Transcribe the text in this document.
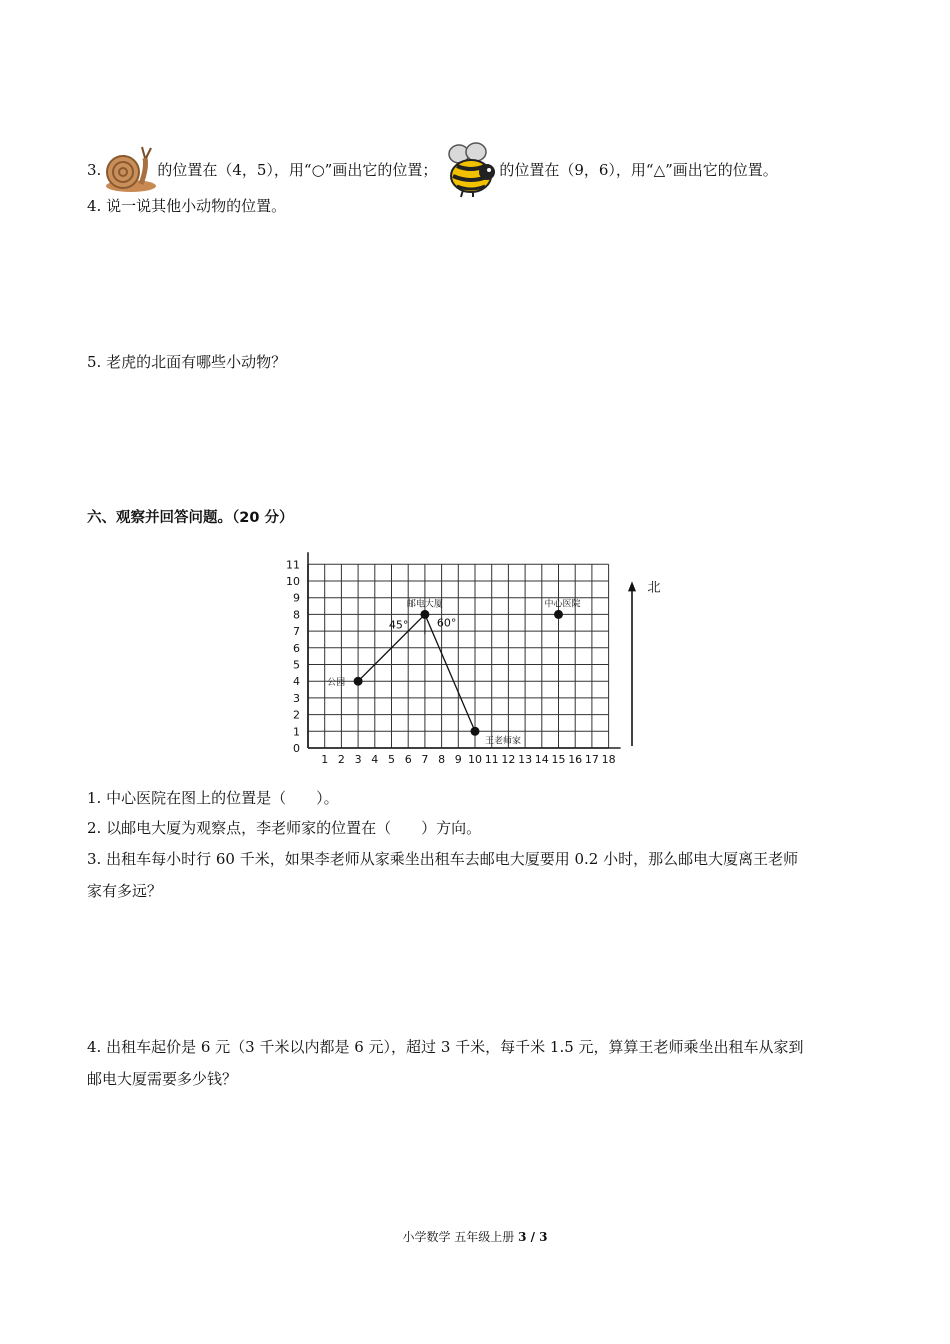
3.	的位置在（4，5），用“○”画出它的位置；	的位置在（9，6），用“△”画出它的位置。
4. 说一说其他小动物的位置。
5. 老虎的北面有哪些小动物？
六、观察并回答问题。（20 分）
1 2 3 4 5 6 7 8 9 10 11 12 13 14 15 16 17 18
0
1
2
3
4
5
6
7
8
9
10
11
45°	60°
公园
邮电大厦
王老师家
中心医院
北
1. 中心医院在图上的位置是（　　）。
2. 以邮电大厦为观察点，李老师家的位置在（　　）方向。
3. 出租车每小时行 60 千米，如果李老师从家乘坐出租车去邮电大厦要用 0.2 小时，那么邮电大厦离王老师
家有多远？
4. 出租车起价是 6 元（3 千米以内都是 6 元），超过 3 千米，每千米 1.5 元，算算王老师乘坐出租车从家到
邮电大厦需要多少钱？
小学数学 五年级上册 3 / 3
